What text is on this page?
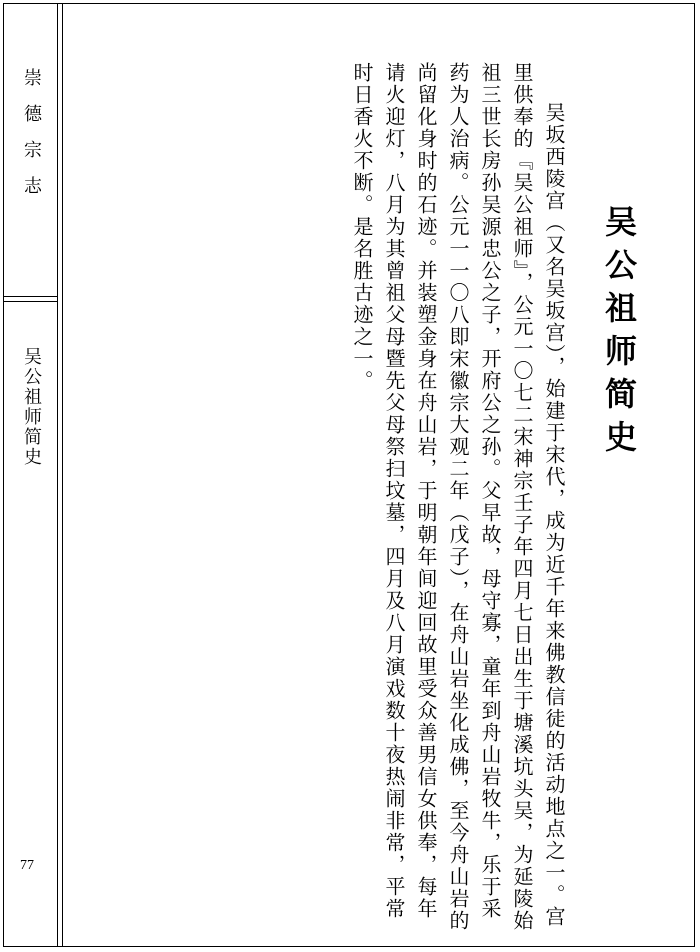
崇德宗志
吴公祖师简史
77
吴公祖师简史

吴坂西陵宫（又名吴坂宫），始建于宋代，成为近千年来佛教信徒的活动地点之一。宫里供奉的『吴公祖师』，公元一〇七二宋神宗壬子年四月七日出生于塘溪坑头吴，为延陵始祖三世长房孙吴源忠公之子，开府公之孙。父早故，母守寡，童年到舟山岩牧牛，乐于采药为人治病。公元一一〇八即宋徽宗大观二年（戊子），在舟山岩坐化成佛，至今舟山岩的尚留化身时的石迹。并装塑金身在舟山岩，于明朝年间迎回故里受众善男信女供奉，每年请火迎灯，八月为其曾祖父母暨先父母祭扫坟墓，四月及八月演戏数十夜热闹非常，平常时日香火不断。是名胜古迹之一。
